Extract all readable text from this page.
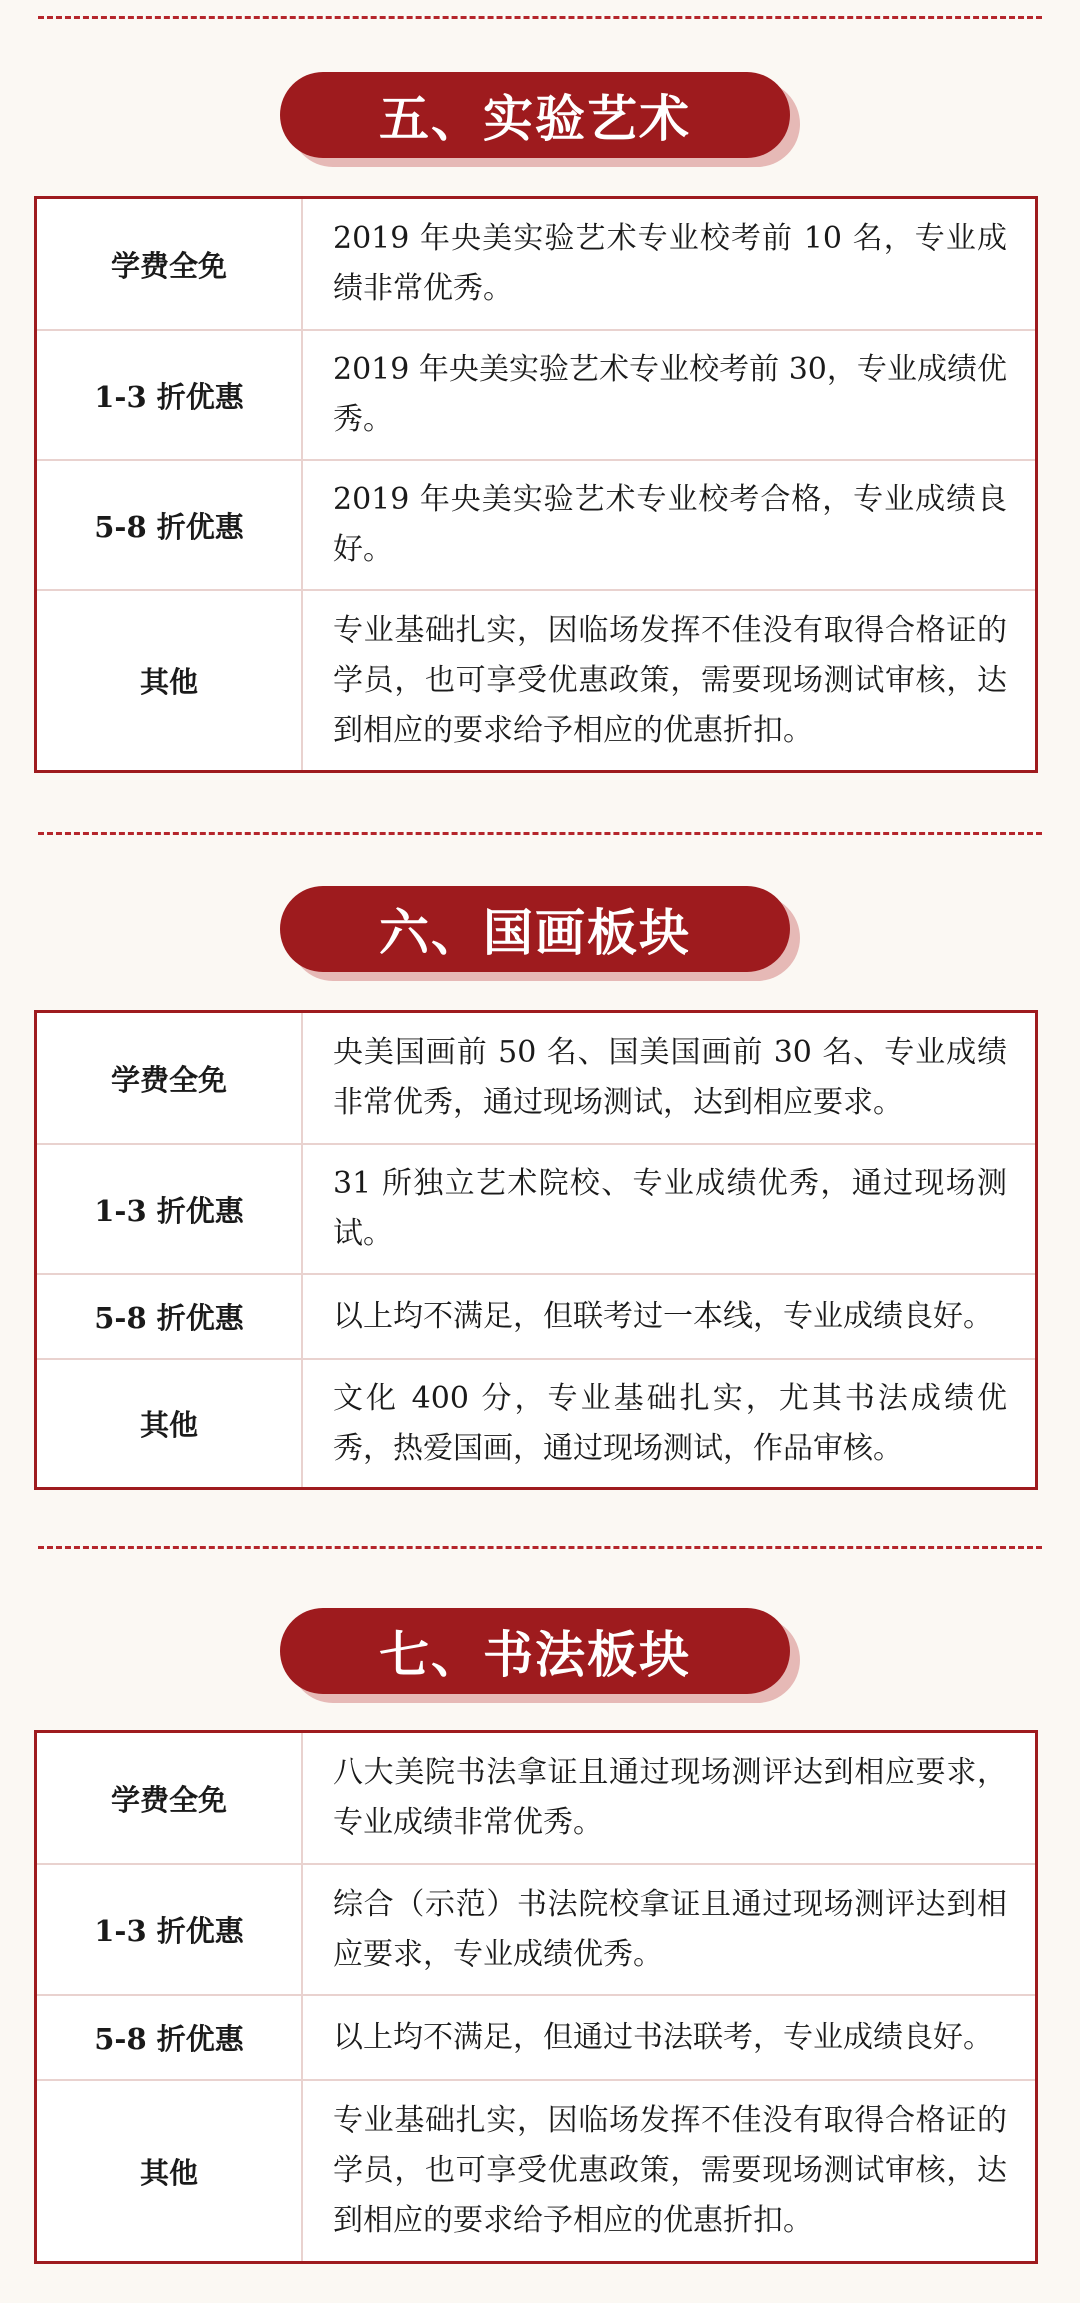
五、实验艺术
学费全免
2019 年央美实验艺术专业校考前 10 名，专业成绩非常优秀。
1-3 折优惠
2019 年央美实验艺术专业校考前 30，专业成绩优秀。
5-8 折优惠
2019 年央美实验艺术专业校考合格，专业成绩良好。
其他
专业基础扎实，因临场发挥不佳没有取得合格证的学员，也可享受优惠政策，需要现场测试审核，达到相应的要求给予相应的优惠折扣。
六、国画板块
学费全免
央美国画前 50 名、国美国画前 30 名、专业成绩非常优秀，通过现场测试，达到相应要求。
1-3 折优惠
31 所独立艺术院校、专业成绩优秀，通过现场测试。
5-8 折优惠	以上均不满足，但联考过一本线，专业成绩良好。
其他
文化 400 分，专业基础扎实，尤其书法成绩优秀，热爱国画，通过现场测试，作品审核。
七、书法板块
学费全免
八大美院书法拿证且通过现场测评达到相应要求，专业成绩非常优秀。
1-3 折优惠
综合（示范）书法院校拿证且通过现场测评达到相应要求，专业成绩优秀。
5-8 折优惠	以上均不满足，但通过书法联考，专业成绩良好。
其他
专业基础扎实，因临场发挥不佳没有取得合格证的学员，也可享受优惠政策，需要现场测试审核，达到相应的要求给予相应的优惠折扣。
